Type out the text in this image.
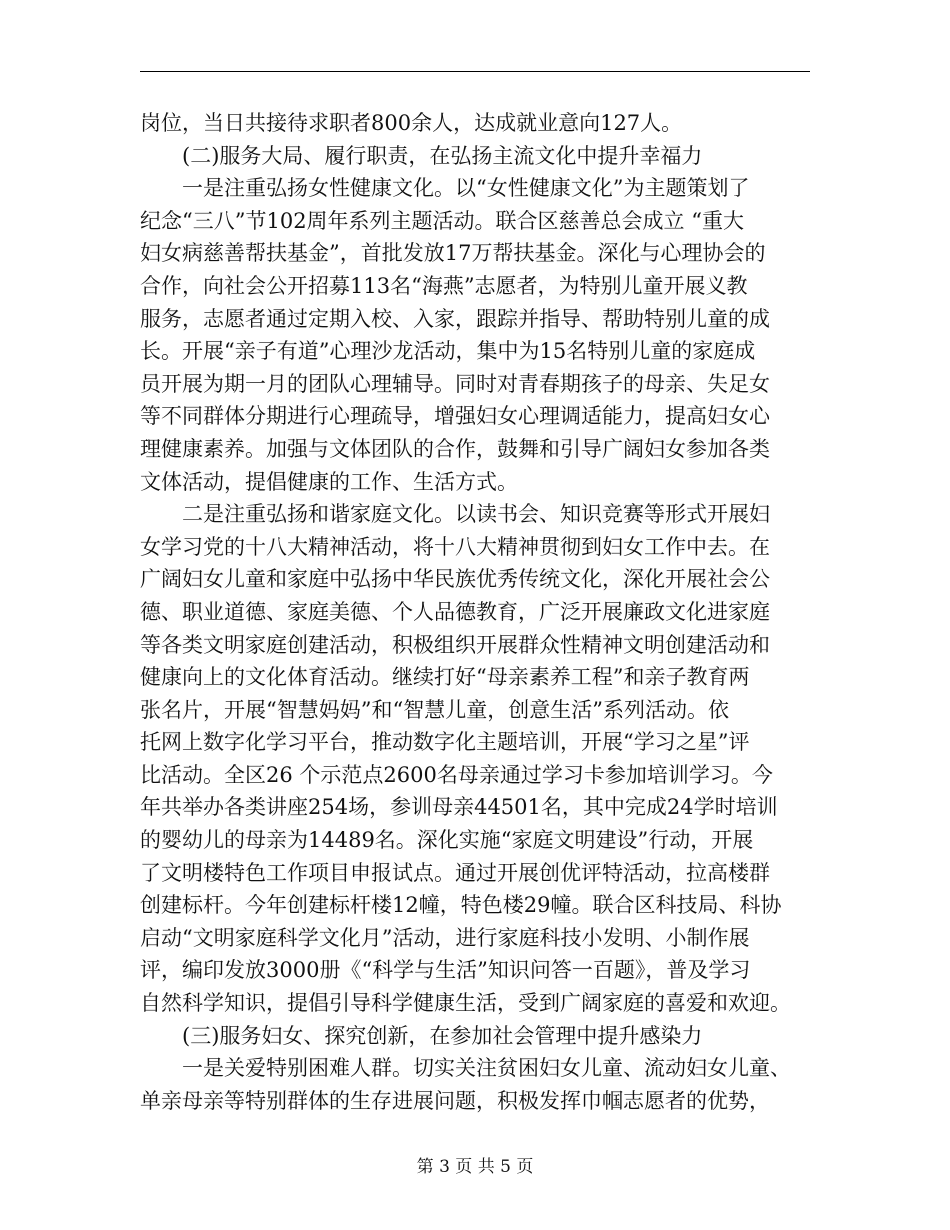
岗位，当日共接待求职者800余人，达成就业意向127人。
　　(二)服务大局、履行职责，在弘扬主流文化中提升幸福力
　　一是注重弘扬女性健康文化。以“女性健康文化”为主题策划了
纪念“三八”节102周年系列主题活动。联合区慈善总会成立 “重大
妇女病慈善帮扶基金”，首批发放17万帮扶基金。深化与心理协会的
合作，向社会公开招募113名“海燕”志愿者，为特别儿童开展义教
服务，志愿者通过定期入校、入家，跟踪并指导、帮助特别儿童的成
长。开展“亲子有道”心理沙龙活动，集中为15名特别儿童的家庭成
员开展为期一月的团队心理辅导。同时对青春期孩子的母亲、失足女
等不同群体分期进行心理疏导，增强妇女心理调适能力，提高妇女心
理健康素养。加强与文体团队的合作，鼓舞和引导广阔妇女参加各类
文体活动，提倡健康的工作、生活方式。
　　二是注重弘扬和谐家庭文化。以读书会、知识竞赛等形式开展妇
女学习党的十八大精神活动，将十八大精神贯彻到妇女工作中去。在
广阔妇女儿童和家庭中弘扬中华民族优秀传统文化，深化开展社会公
德、职业道德、家庭美德、个人品德教育，广泛开展廉政文化进家庭
等各类文明家庭创建活动，积极组织开展群众性精神文明创建活动和
健康向上的文化体育活动。继续打好“母亲素养工程”和亲子教育两
张名片，开展“智慧妈妈”和“智慧儿童，创意生活”系列活动。依
托网上数字化学习平台，推动数字化主题培训，开展“学习之星”评
比活动。全区26 个示范点2600名母亲通过学习卡参加培训学习。今
年共举办各类讲座254场，参训母亲44501名，其中完成24学时培训
的婴幼儿的母亲为14489名。深化实施“家庭文明建设”行动，开展
了文明楼特色工作项目申报试点。通过开展创优评特活动，拉高楼群
创建标杆。今年创建标杆楼12幢，特色楼29幢。联合区科技局、科协
启动“文明家庭科学文化月”活动，进行家庭科技小发明、小制作展
评，编印发放3000册《“科学与生活”知识问答一百题》，普及学习
自然科学知识，提倡引导科学健康生活，受到广阔家庭的喜爱和欢迎。
　　(三)服务妇女、探究创新，在参加社会管理中提升感染力
　　一是关爱特别困难人群。切实关注贫困妇女儿童、流动妇女儿童、
单亲母亲等特别群体的生存进展问题，积极发挥巾帼志愿者的优势，
第 3 页 共 5 页
